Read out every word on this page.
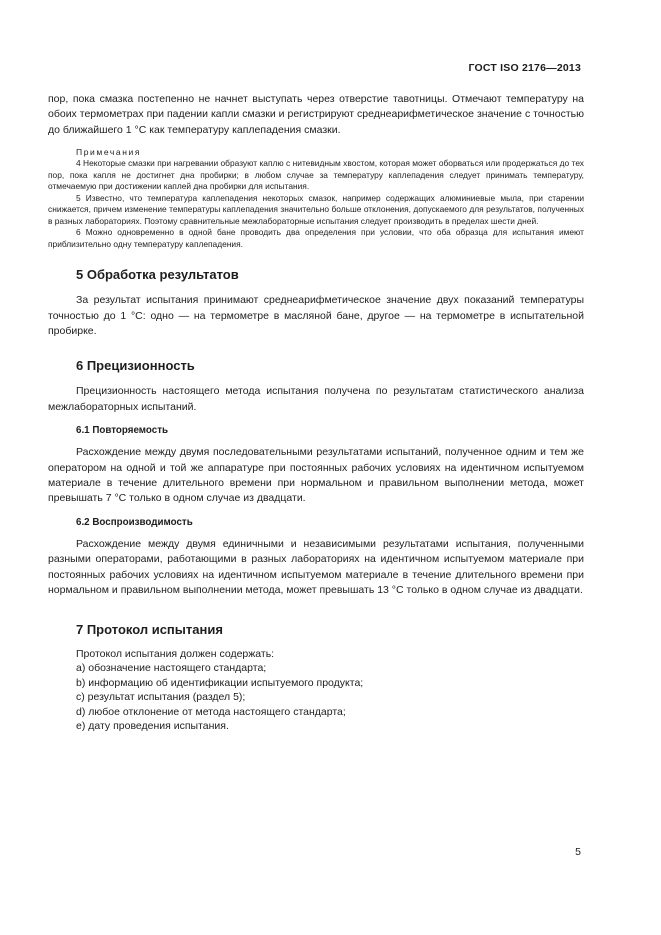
ГОСТ ISO 2176—2013

пор, пока смазка постепенно не начнет выступать через отверстие тавотницы. Отмечают температуру на обоих термометрах при падении капли смазки и регистрируют среднеарифметическое значение с точностью до ближайшего 1 °С как температуру каплепадения смазки.

Примечания

4 Некоторые смазки при нагревании образуют каплю с нитевидным хвостом, которая может оборваться или продержаться до тех пор, пока капля не достигнет дна пробирки; в любом случае за температуру каплепадения следует принимать температуру, отмечаемую при достижении каплей дна пробирки для испытания.

5 Известно, что температура каплепадения некоторых смазок, например содержащих алюминиевые мыла, при старении снижается, причем изменение температуры каплепадения значительно больше отклонения, допускаемого для результатов, полученных в разных лабораториях. Поэтому сравнительные межлабораторные испытания следует производить в пределах шести дней.

6 Можно одновременно в одной бане проводить два определения при условии, что оба образца для испытания имеют приблизительно одну температуру каплепадения.

5 Обработка результатов

За результат испытания принимают среднеарифметическое значение двух показаний температуры точностью до 1 °С: одно — на термометре в масляной бане, другое — на термометре в испытательной пробирке.

6 Прецизионность

Прецизионность настоящего метода испытания получена по результатам статистического анализа межлабораторных испытаний.

6.1 Повторяемость

Расхождение между двумя последовательными результатами испытаний, полученное одним и тем же оператором на одной и той же аппаратуре при постоянных рабочих условиях на идентичном испытуемом материале в течение длительного времени при нормальном и правильном выполнении метода, может превышать 7 °С только в одном случае из двадцати.

6.2 Воспроизводимость

Расхождение между двумя единичными и независимыми результатами испытания, полученными разными операторами, работающими в разных лабораториях на идентичном испытуемом материале при постоянных рабочих условиях на идентичном испытуемом материале в течение длительного времени при нормальном и правильном выполнении метода, может превышать 13 °С только в одном случае из двадцати.

7 Протокол испытания
Протокол испытания должен содержать:
a) обозначение настоящего стандарта;
b) информацию об идентификации испытуемого продукта;
c) результат испытания (раздел 5);
d) любое отклонение от метода настоящего стандарта;
e) дату проведения испытания.
5
